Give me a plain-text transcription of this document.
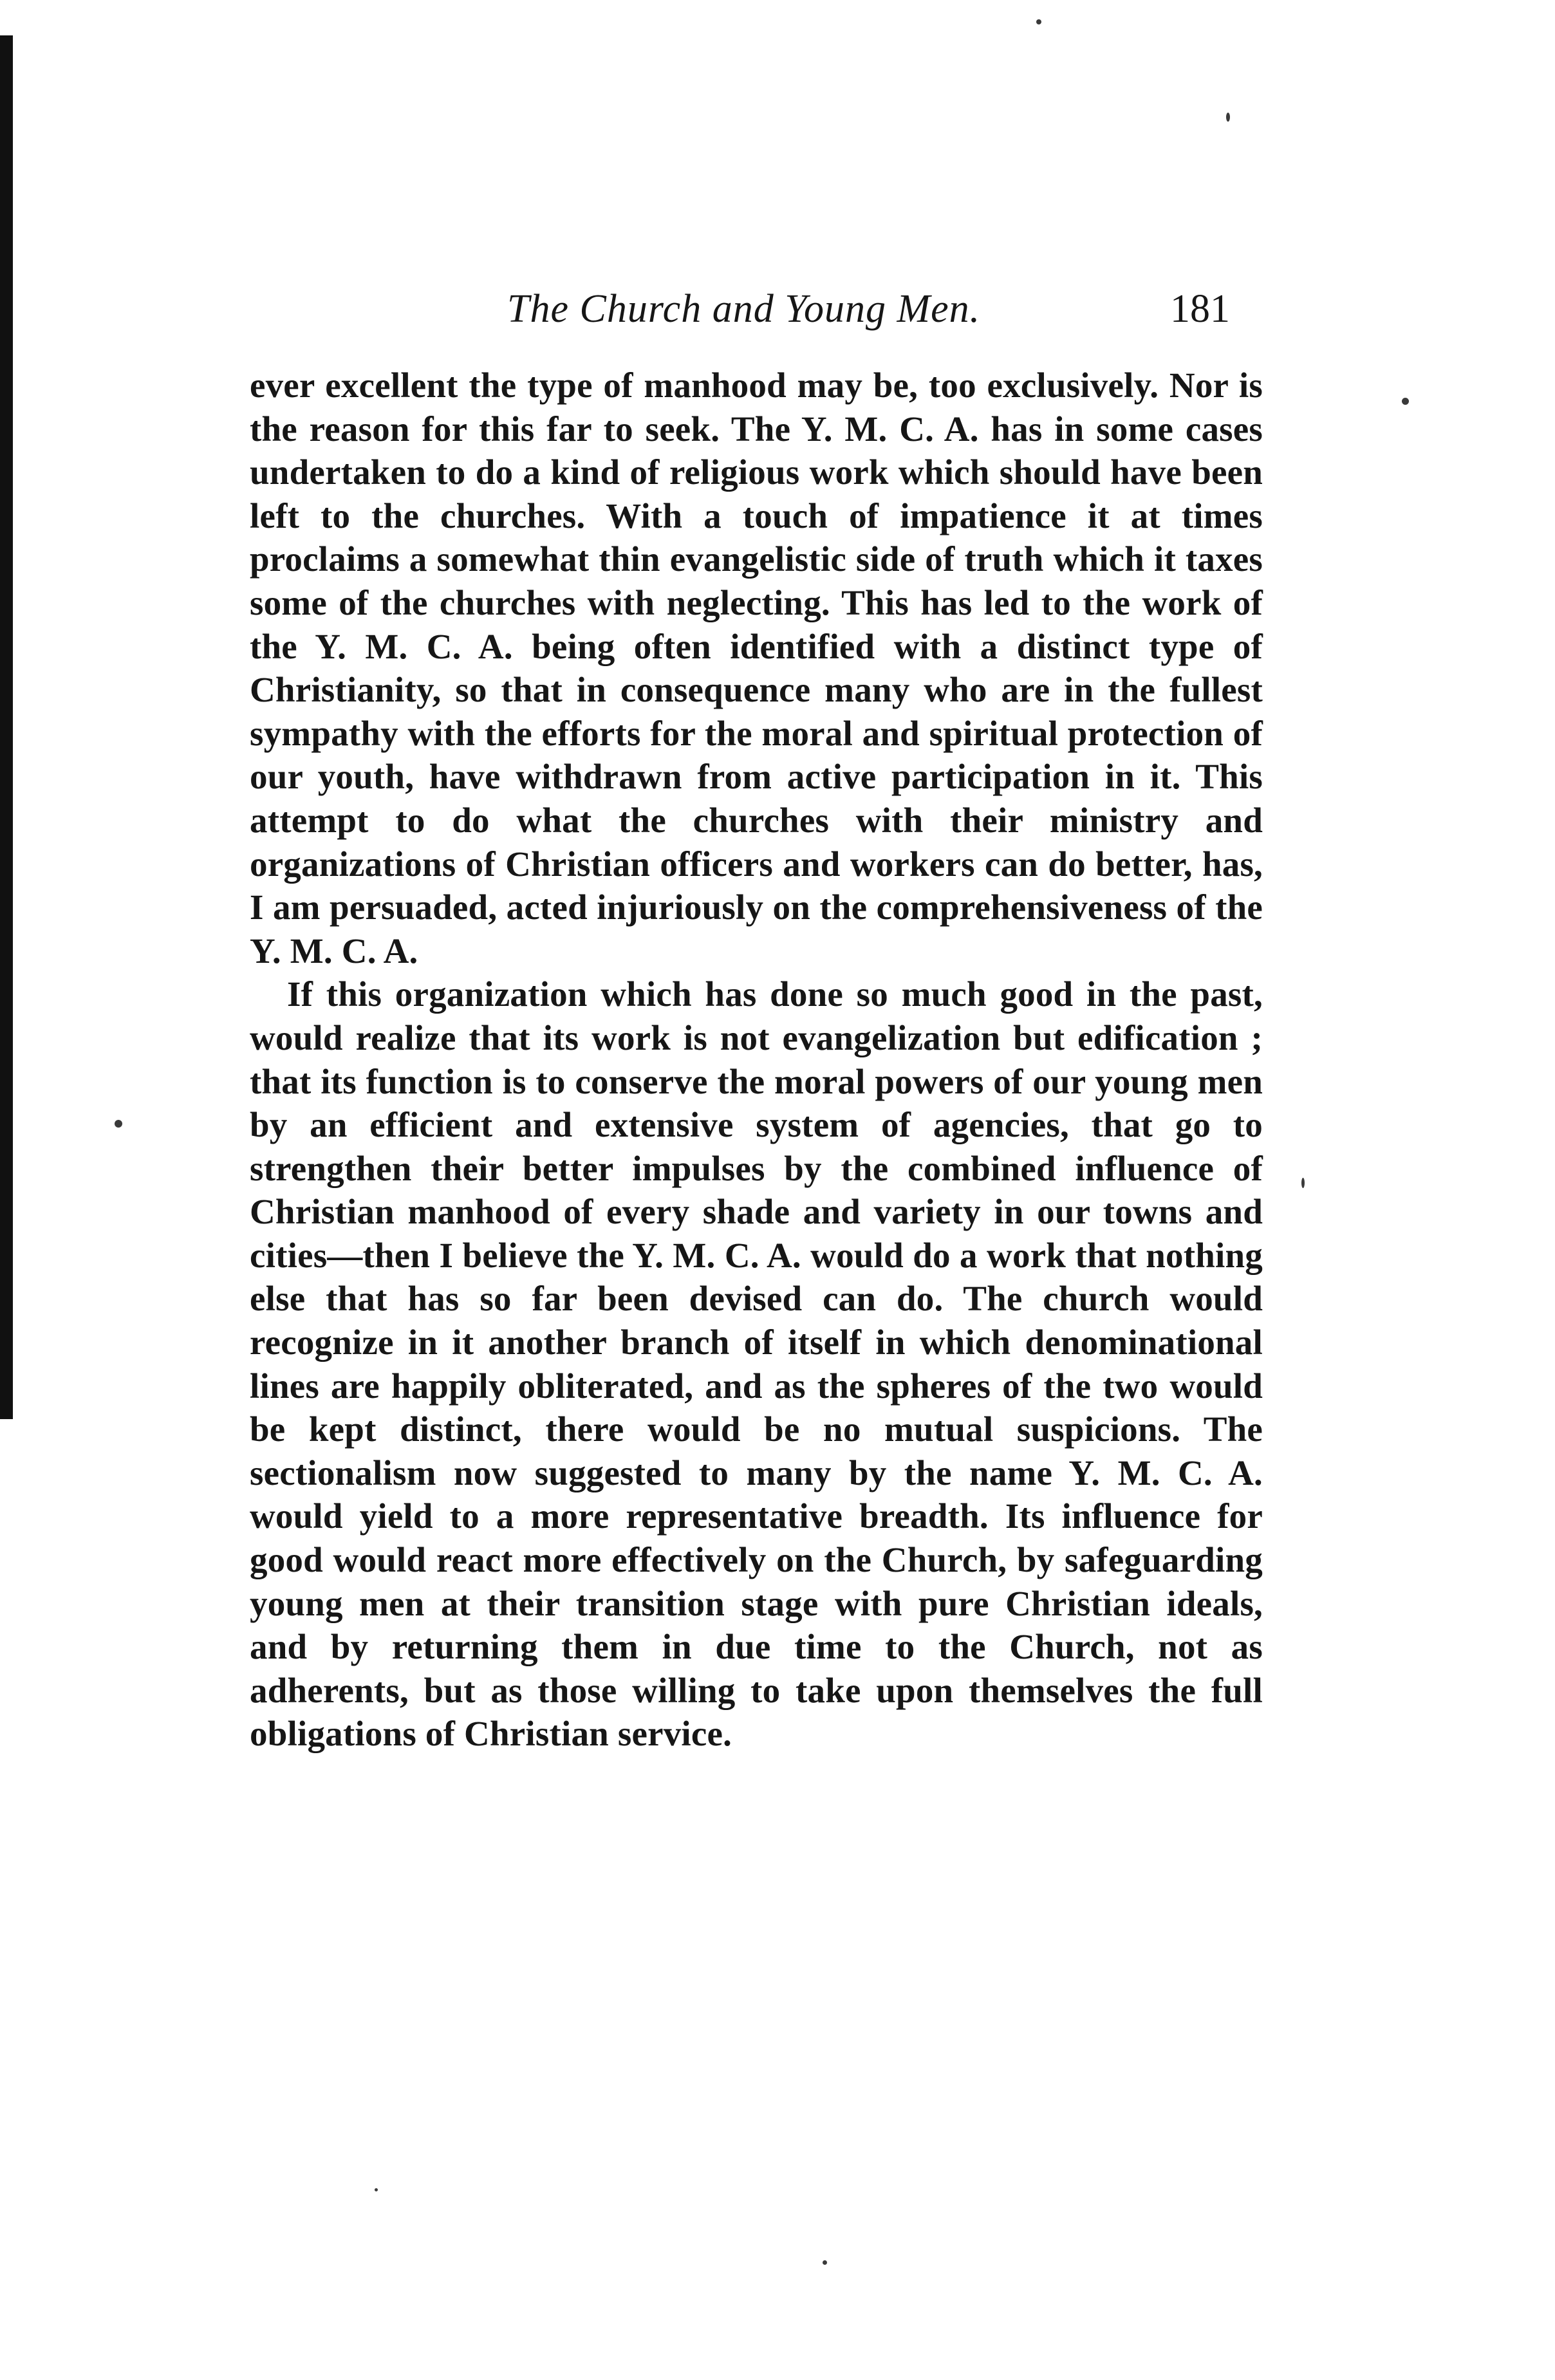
The Church and Young Men.	181

ever excellent the type of manhood may be, too exclusively. Nor is the reason for this far to seek. The Y. M. C. A. has in some cases undertaken to do a kind of religious work which should have been left to the churches. With a touch of impatience it at times proclaims a somewhat thin evangelistic side of truth which it taxes some of the churches with neglecting. This has led to the work of the Y. M. C. A. being often identified with a distinct type of Christianity, so that in consequence many who are in the fullest sympathy with the efforts for the moral and spiritual protection of our youth, have withdrawn from active participation in it. This attempt to do what the churches with their ministry and organizations of Christian officers and workers can do better, has, I am persuaded, acted injuriously on the comprehensiveness of the Y. M. C. A.

If this organization which has done so much good in the past, would realize that its work is not evangelization but edification ; that its function is to conserve the moral powers of our young men by an efficient and extensive system of agencies, that go to strengthen their better impulses by the combined influence of Christian manhood of every shade and variety in our towns and cities—then I believe the Y. M. C. A. would do a work that nothing else that has so far been devised can do. The church would recognize in it another branch of itself in which denominational lines are happily obliterated, and as the spheres of the two would be kept distinct, there would be no mutual suspicions. The sectionalism now suggested to many by the name Y. M. C. A. would yield to a more representative breadth. Its influence for good would react more effectively on the Church, by safeguarding young men at their transition stage with pure Christian ideals, and by returning them in due time to the Church, not as adherents, but as those willing to take upon themselves the full obligations of Christian service.
